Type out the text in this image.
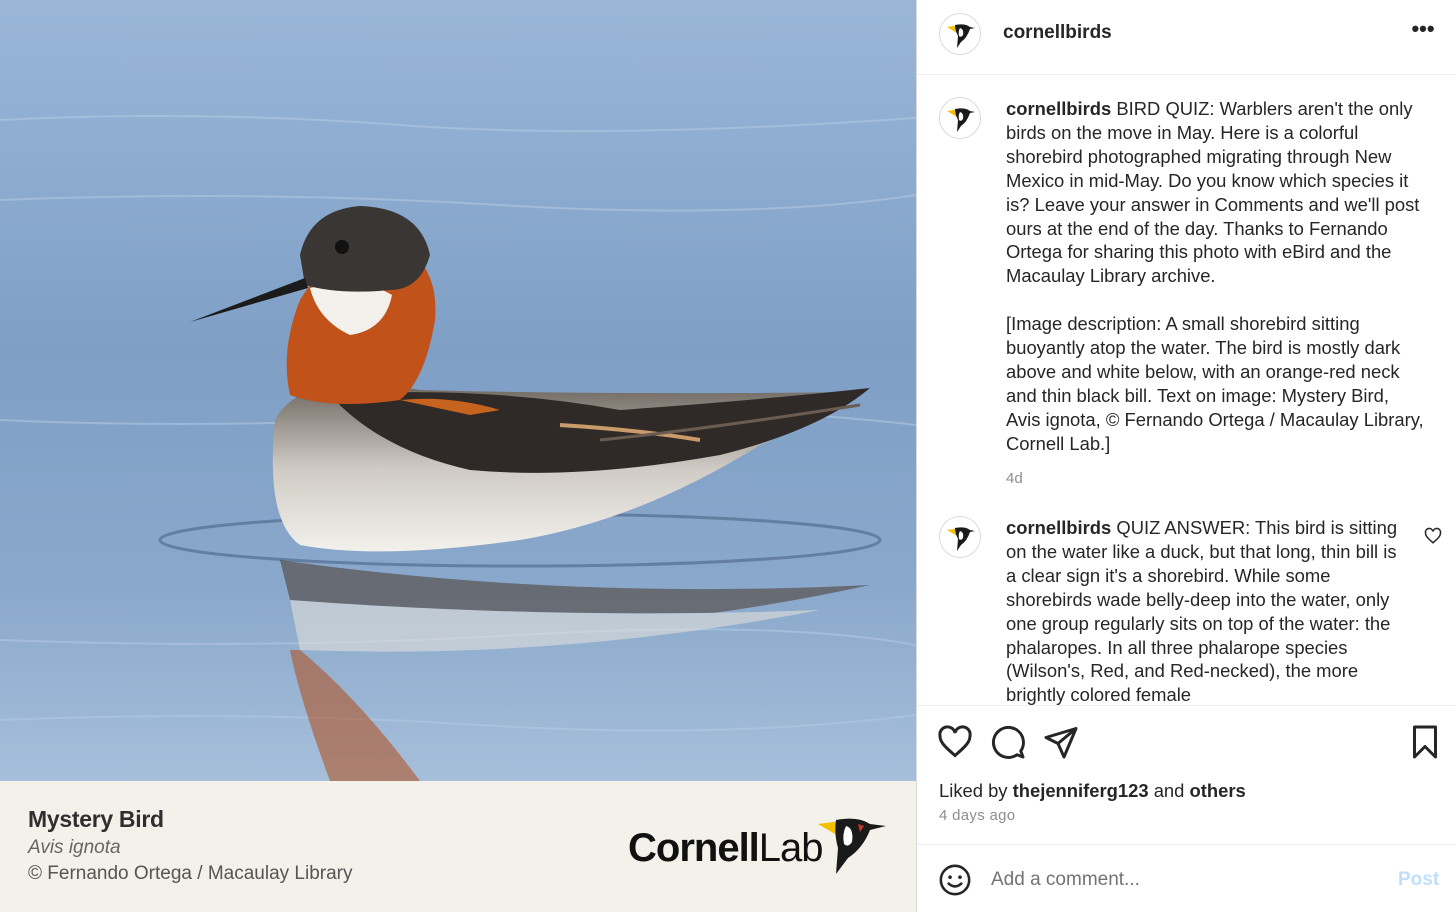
Mystery Bird
Avis ignota
© Fernando Ortega / Macaulay Library
CornellLab
cornellbirds	•••

cornellbirds BIRD QUIZ: Warblers aren't the only birds on the move in May. Here is a colorful shorebird photographed migrating through New Mexico in mid-May. Do you know which species it is? Leave your answer in Comments and we'll post ours at the end of the day. Thanks to Fernando Ortega for sharing this photo with eBird and the Macaulay Library archive.

[Image description: A small shorebird sitting buoyantly atop the water. The bird is mostly dark above and white below, with an orange-red neck and thin black bill. Text on image: Mystery Bird, Avis ignota, © Fernando Ortega / Macaulay Library, Cornell Lab.]

4d

cornellbirds QUIZ ANSWER: This bird is sitting on the water like a duck, but that long, thin bill is a clear sign it's a shorebird. While some shorebirds wade belly-deep into the water, only one group regularly sits on top of the water: the phalaropes. In all three phalarope species (Wilson's, Red, and Red-necked), the more brightly colored female

Liked by thejenniferg123 and others
4 days ago
Add a comment...
Post
